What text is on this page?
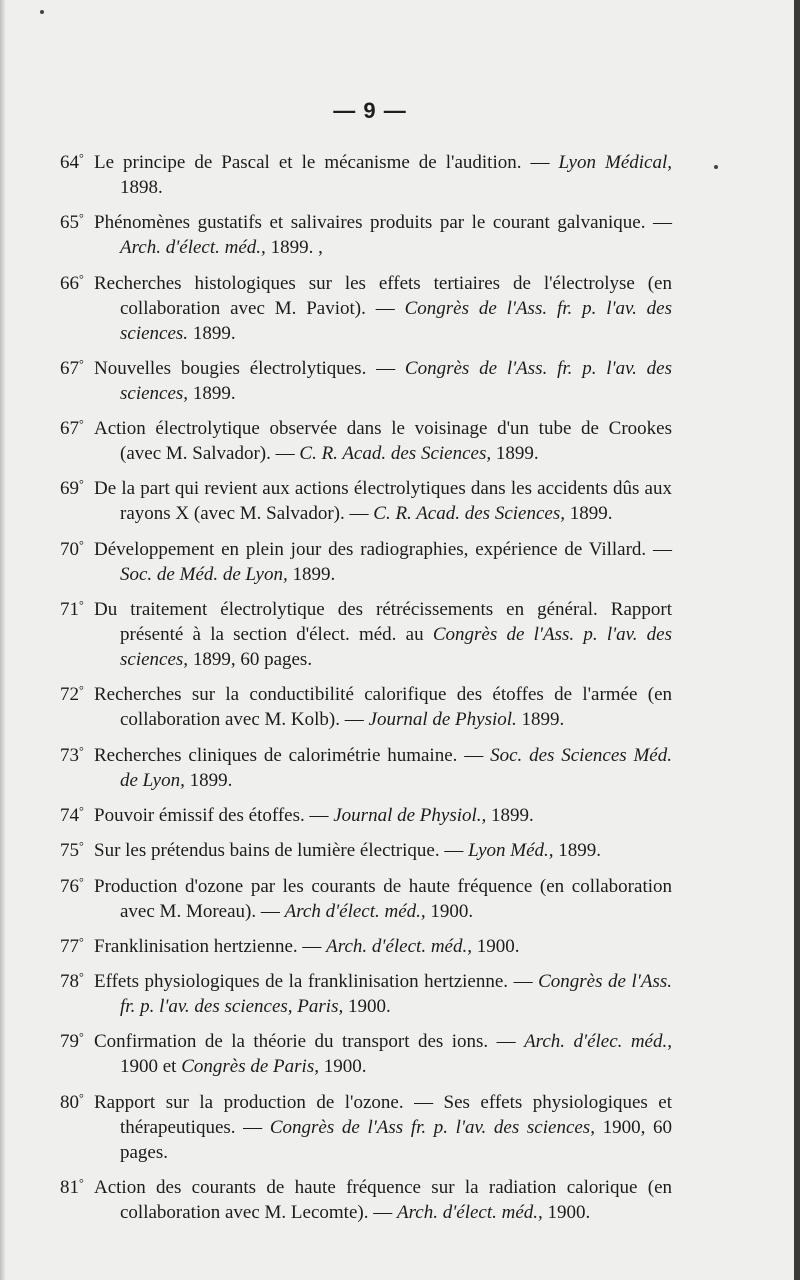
— 9 —
64° Le principe de Pascal et le mécanisme de l'audition. — Lyon Médical, 1898.
65° Phénomènes gustatifs et salivaires produits par le courant galvanique. — Arch. d'élect. méd., 1899. ,
66° Recherches histologiques sur les effets tertiaires de l'électrolyse (en collaboration avec M. Paviot). — Congrès de l'Ass. fr. p. l'av. des sciences. 1899.
67° Nouvelles bougies électrolytiques. — Congrès de l'Ass. fr. p. l'av. des sciences, 1899.
67° Action électrolytique observée dans le voisinage d'un tube de Crookes (avec M. Salvador). — C. R. Acad. des Sciences, 1899.
69° De la part qui revient aux actions électrolytiques dans les accidents dûs aux rayons X (avec M. Salvador). — C. R. Acad. des Sciences, 1899.
70° Développement en plein jour des radiographies, expérience de Villard. — Soc. de Méd. de Lyon, 1899.
71° Du traitement électrolytique des rétrécissements en général. Rapport présenté à la section d'élect. méd. au Congrès de l'Ass. p. l'av. des sciences, 1899, 60 pages.
72° Recherches sur la conductibilité calorifique des étoffes de l'armée (en collaboration avec M. Kolb). — Journal de Physiol. 1899.
73° Recherches cliniques de calorimétrie humaine. — Soc. des Sciences Méd. de Lyon, 1899.
74° Pouvoir émissif des étoffes. — Journal de Physiol., 1899.
75° Sur les prétendus bains de lumière électrique. — Lyon Méd., 1899.
76° Production d'ozone par les courants de haute fréquence (en collaboration avec M. Moreau). — Arch d'élect. méd., 1900.
77° Franklinisation hertzienne. — Arch. d'élect. méd., 1900.
78° Effets physiologiques de la franklinisation hertzienne. — Congrès de l'Ass. fr. p. l'av. des sciences, Paris, 1900.
79° Confirmation de la théorie du transport des ions. — Arch. d'élec. méd., 1900 et Congrès de Paris, 1900.
80° Rapport sur la production de l'ozone. — Ses effets physiologiques et thérapeutiques. — Congrès de l'Ass fr. p. l'av. des sciences, 1900, 60 pages.
81° Action des courants de haute fréquence sur la radiation calorique (en collaboration avec M. Lecomte). — Arch. d'élect. méd., 1900.
